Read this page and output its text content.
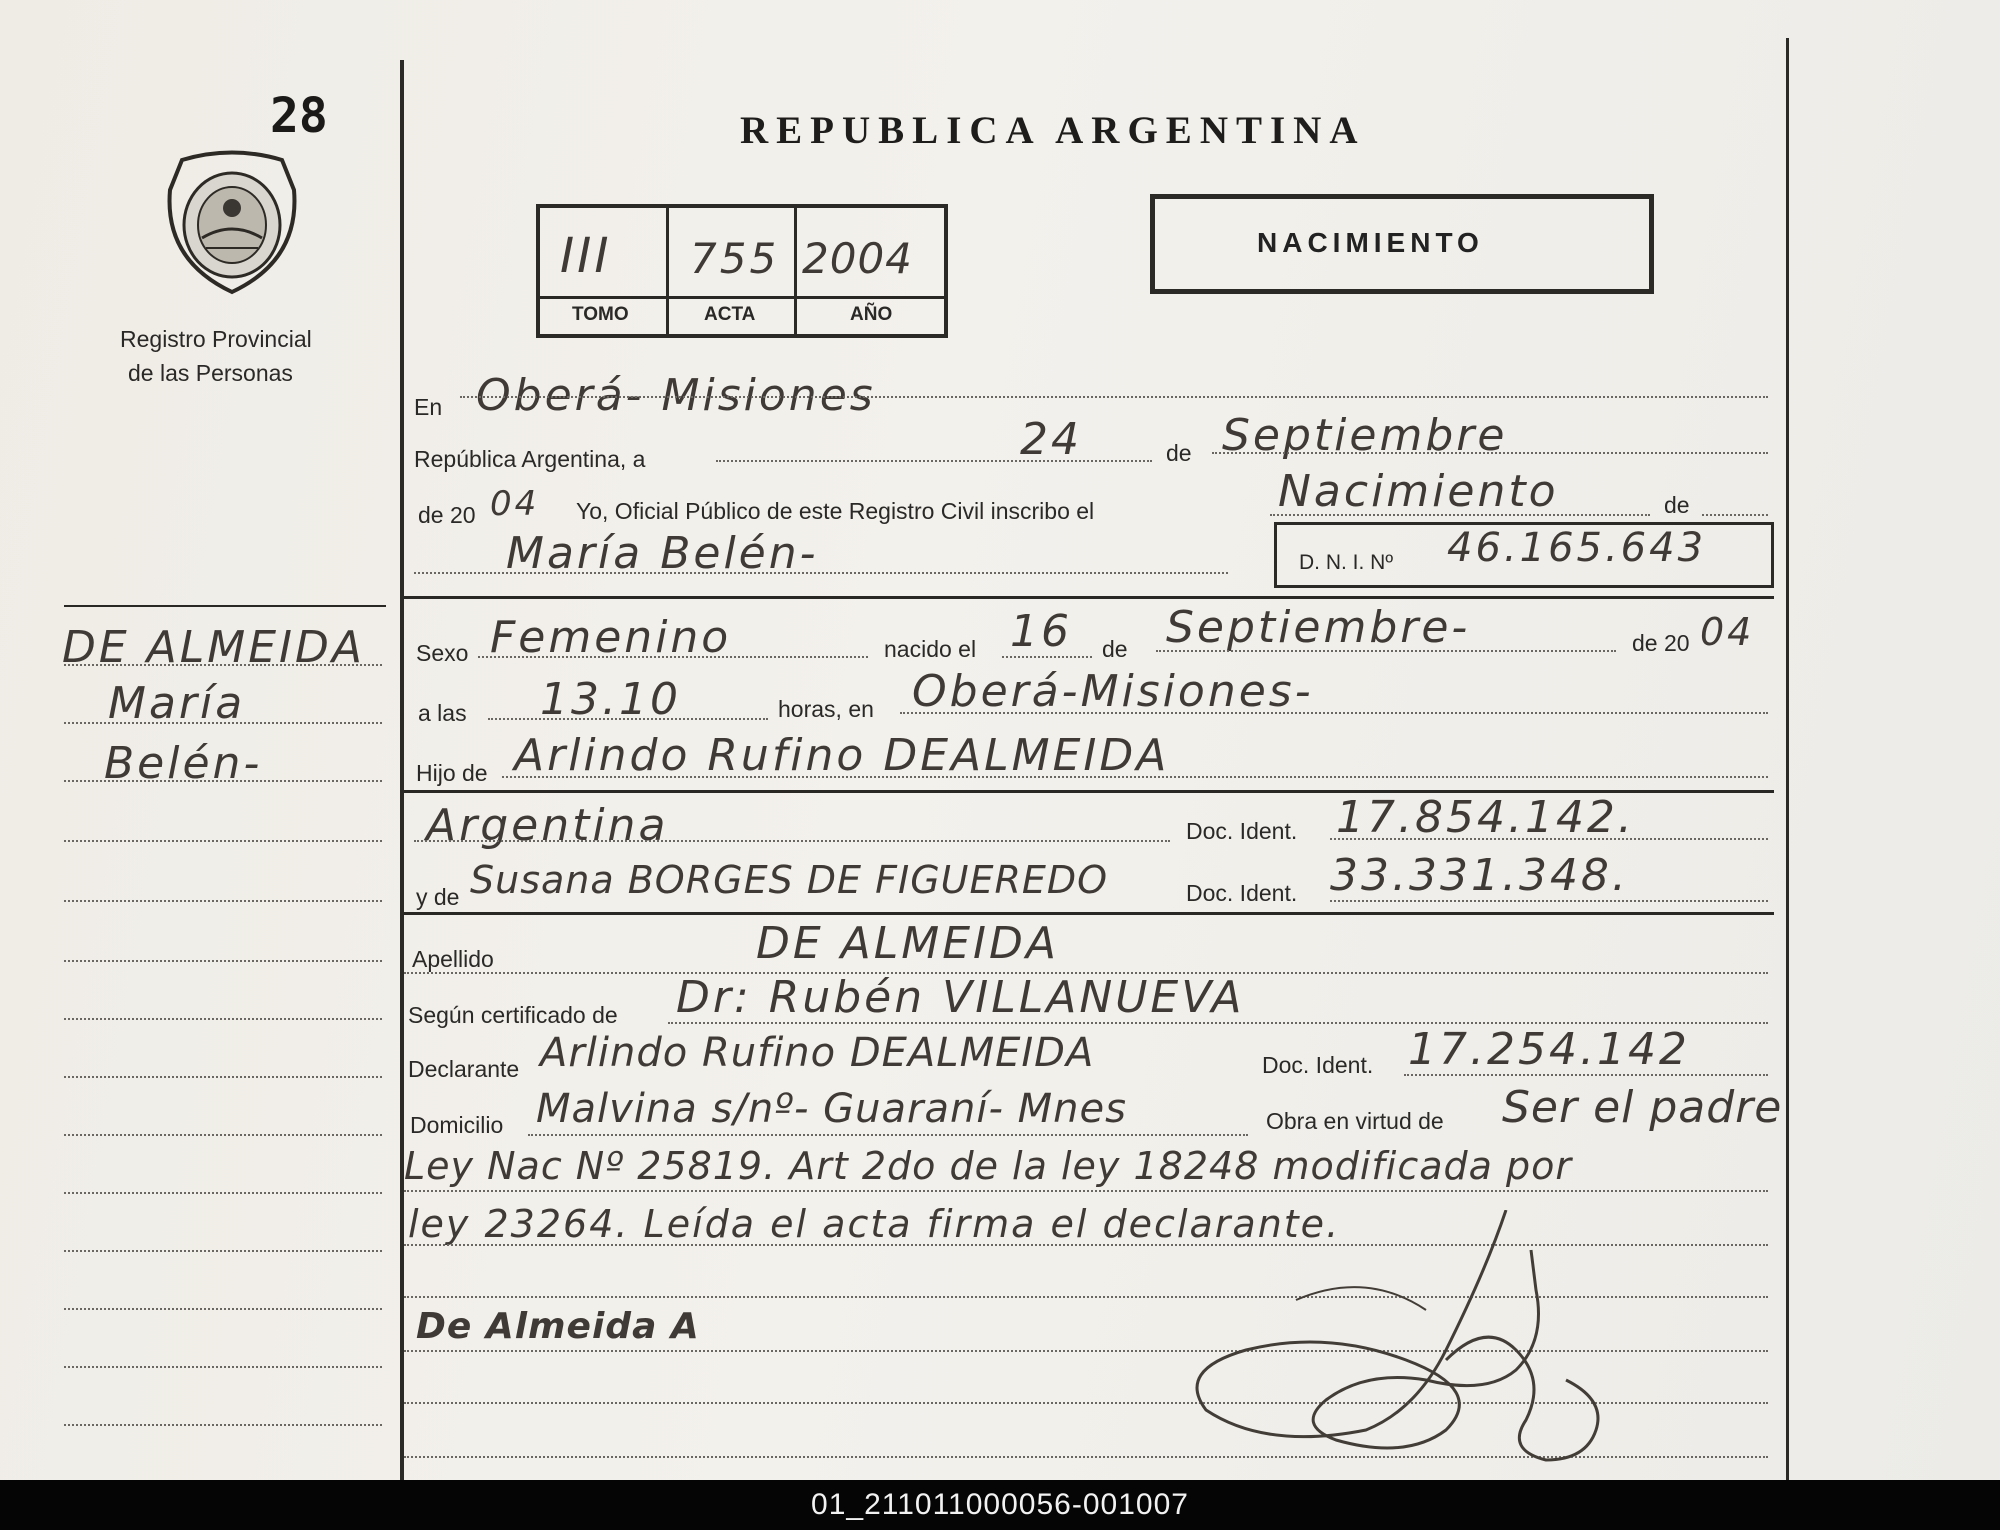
28
Registro Provincial
de las Personas
DE ALMEIDA
María
Belén-
REPUBLICA ARGENTINA
III 755 2004
TOMO	ACTA	AÑO
NACIMIENTO
En Oberá- Misiones
República Argentina, a	24	de Septiembre
de 20 04 Yo, Oficial Público de este Registro Civil inscribo el	Nacimiento	de
María Belén-	D. N. I. Nº 46.165.643
Sexo Femenino	nacido el 16 de Septiembre-	de 20 04
a las 13.10	horas, en Oberá-Misiones-
Hijo de Arlindo Rufino DEALMEIDA
Argentina	Doc. Ident. 17.854.142.
y de Susana BORGES DE FIGUEREDO	Doc. Ident. 33.331.348.
Apellido	DE ALMEIDA
Según certificado de Dr: Rubén VILLANUEVA
Declarante Arlindo Rufino DEALMEIDA	Doc. Ident. 17.254.142
Domicilio Malvina s/nº- Guaraní- Mnes	Obra en virtud de Ser el padre
Ley Nac Nº 25819. Art 2do de la ley 18248 modificada por
ley 23264. Leída el acta firma el declarante.
De Almeida A
01_211011000056-001007
